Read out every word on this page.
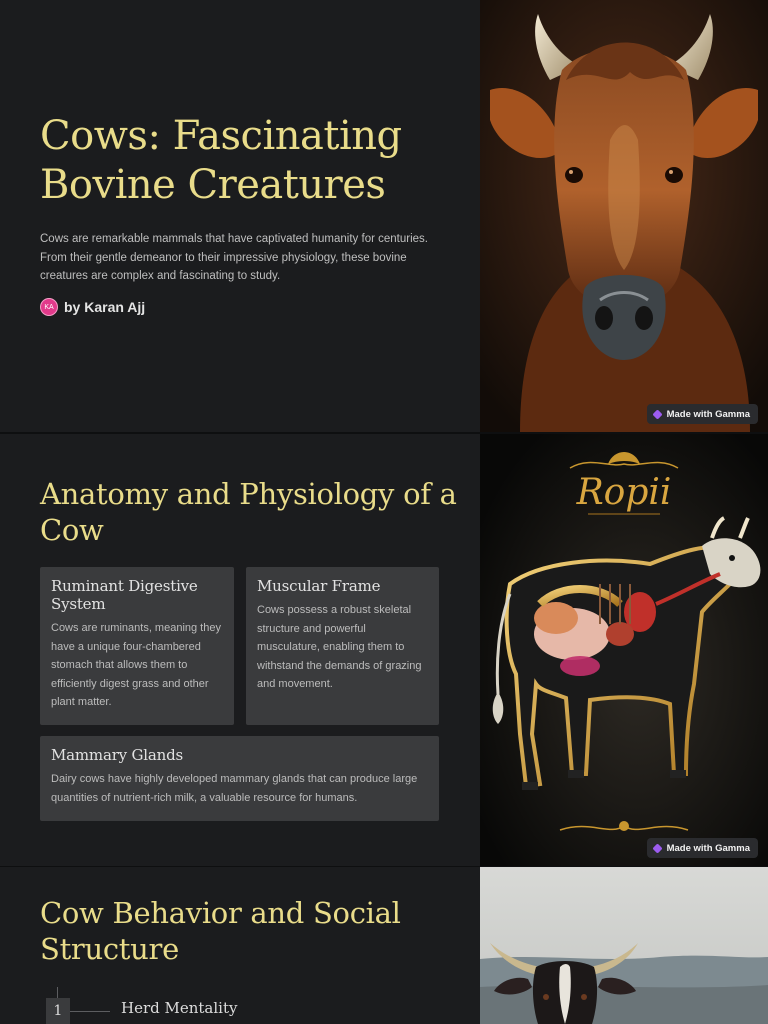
Cows: Fascinating Bovine Creatures

Cows are remarkable mammals that have captivated humanity for centuries. From their gentle demeanor to their impressive physiology, these bovine creatures are complex and fascinating to study.

KA by Karan Ajj
Made with Gamma
Anatomy and Physiology of a Cow
Ruminant Digestive System

Cows are ruminants, meaning they have a unique four-chambered stomach that allows them to efficiently digest grass and other plant matter.

Muscular Frame

Cows possess a robust skeletal structure and powerful musculature, enabling them to withstand the demands of grazing and movement.

Mammary Glands

Dairy cows have highly developed mammary glands that can produce large quantities of nutrient-rich milk, a valuable resource for humans.

Ropii
Made with Gamma
Cow Behavior and Social Structure
1	Herd Mentality
